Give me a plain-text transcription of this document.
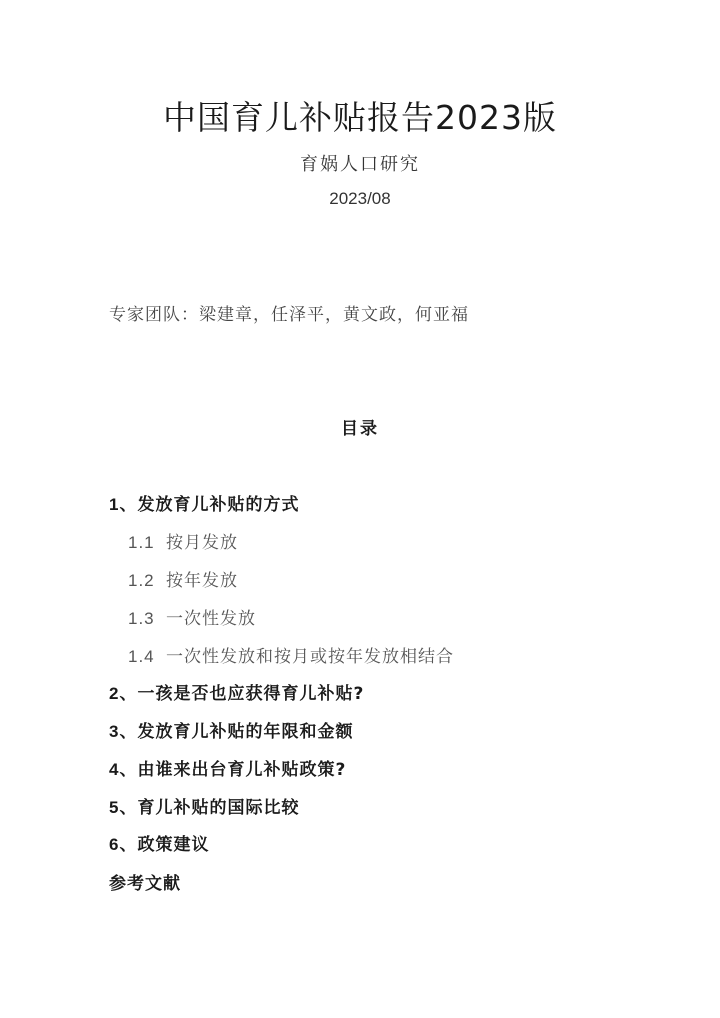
中国育儿补贴报告2023版
育娲人口研究
2023/08
专家团队：梁建章，任泽平，黄文政，何亚福
目录
1、发放育儿补贴的方式
1.1 按月发放
1.2 按年发放
1.3 一次性发放
1.4 一次性发放和按月或按年发放相结合
2、一孩是否也应获得育儿补贴?
3、发放育儿补贴的年限和金额
4、由谁来出台育儿补贴政策?
5、育儿补贴的国际比较
6、政策建议
参考文献
